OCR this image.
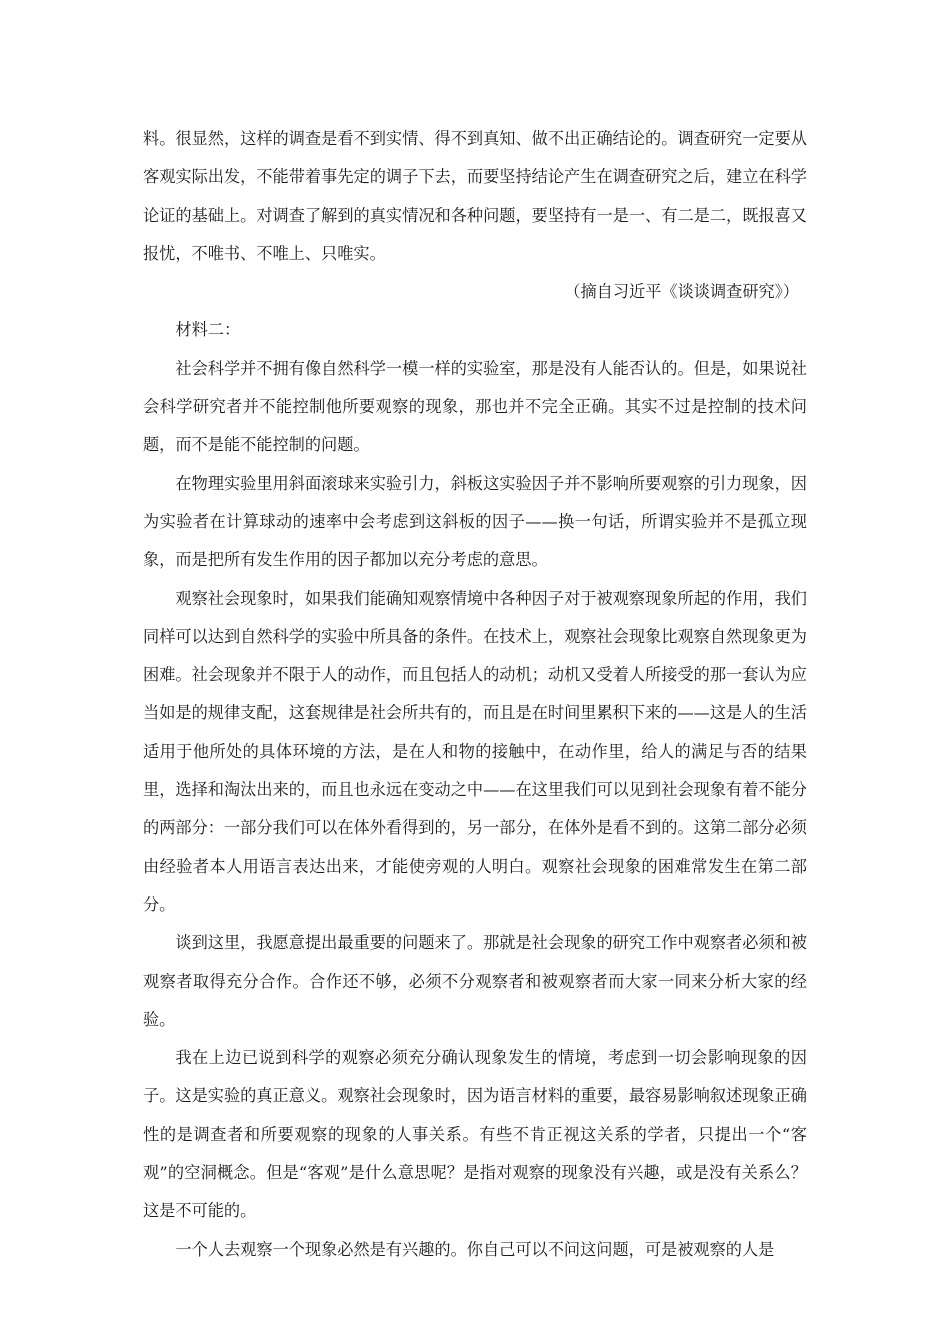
料。很显然，这样的调查是看不到实情、得不到真知、做不出正确结论的。调查研究一定要从客观实际出发，不能带着事先定的调子下去，而要坚持结论产生在调查研究之后，建立在科学论证的基础上。对调查了解到的真实情况和各种问题，要坚持有一是一、有二是二，既报喜又报忧，不唯书、不唯上、只唯实。

（摘自习近平《谈谈调查研究》）

材料二：

社会科学并不拥有像自然科学一模一样的实验室，那是没有人能否认的。但是，如果说社会科学研究者并不能控制他所要观察的现象，那也并不完全正确。其实不过是控制的技术问题，而不是能不能控制的问题。

在物理实验里用斜面滚球来实验引力，斜板这实验因子并不影响所要观察的引力现象，因为实验者在计算球动的速率中会考虑到这斜板的因子——换一句话，所谓实验并不是孤立现象，而是把所有发生作用的因子都加以充分考虑的意思。

观察社会现象时，如果我们能确知观察情境中各种因子对于被观察现象所起的作用，我们同样可以达到自然科学的实验中所具备的条件。在技术上，观察社会现象比观察自然现象更为困难。社会现象并不限于人的动作，而且包括人的动机；动机又受着人所接受的那一套认为应当如是的规律支配，这套规律是社会所共有的，而且是在时间里累积下来的——这是人的生活适用于他所处的具体环境的方法，是在人和物的接触中，在动作里，给人的满足与否的结果里，选择和淘汰出来的，而且也永远在变动之中——在这里我们可以见到社会现象有着不能分的两部分：一部分我们可以在体外看得到的，另一部分，在体外是看不到的。这第二部分必须由经验者本人用语言表达出来，才能使旁观的人明白。观察社会现象的困难常发生在第二部分。

谈到这里，我愿意提出最重要的问题来了。那就是社会现象的研究工作中观察者必须和被观察者取得充分合作。合作还不够，必须不分观察者和被观察者而大家一同来分析大家的经验。

我在上边已说到科学的观察必须充分确认现象发生的情境，考虑到一切会影响现象的因子。这是实验的真正意义。观察社会现象时，因为语言材料的重要，最容易影响叙述现象正确性的是调查者和所要观察的现象的人事关系。有些不肯正视这关系的学者，只提出一个“客观”的空洞概念。但是“客观”是什么意思呢？是指对观察的现象没有兴趣，或是没有关系么？这是不可能的。

一个人去观察一个现象必然是有兴趣的。你自己可以不问这问题，可是被观察的人是
